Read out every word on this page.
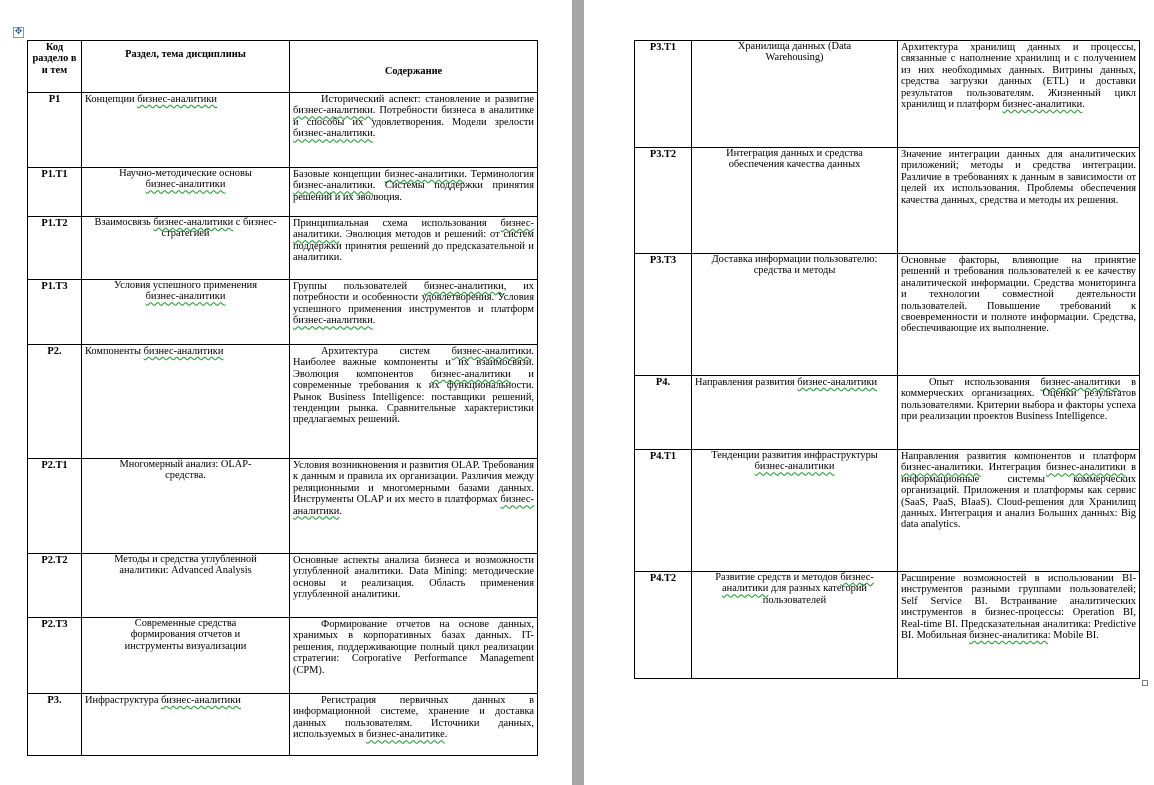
✥
Код раздело в и тем	Раздел, тема дисциплины	Содержание
Р1	Концепции бизнес-аналитики	Исторический аспект: становление и развитие бизнес-аналитики. Потребности бизнеса в аналитике и способы их удовлетворения. Модели зрелости бизнес-аналитики.
Р1.Т1	Научно-методические основы бизнес-аналитики	Базовые концепции бизнес-аналитики. Терминология бизнес-аналитики. Системы поддержки принятия решений и их эволюция.
Р1.Т2	Взаимосвязь бизнес-аналитики с бизнес-стратегией	Принципиальная схема использования бизнес-аналитики. Эволюция методов и решений: от систем поддержки принятия решений до предсказательной и аналитики.
Р1.Т3	Условия успешного применения бизнес-аналитики	Группы пользователей бизнес-аналитики, их потребности и особенности удовлетворения. Условия успешного применения инструментов и платформ бизнес-аналитики.
Р2.	Компоненты бизнес-аналитики	Архитектура систем бизнес-аналитики. Наиболее важные компоненты и их взаимосвязи. Эволюция компонентов бизнес-аналитики и современные требования к их функциональности. Рынок Business Intelligence: поставщики решений, тенденции рынка. Сравнительные характеристики предлагаемых решений.
Р2.Т1	Многомерный анализ: OLAP-средства.	Условия возникновения и развития OLAP. Требования к данным и правила их организации. Различия между реляционными и многомерными базами данных. Инструменты OLAP и их место в платформах бизнес-аналитики.
Р2.Т2	Методы и средства углубленной аналитики: Advanced Analysis	Основные аспекты анализа бизнеса и возможности углубленной аналитики. Data Mining: методические основы и реализация. Область применения углубленной аналитики.
Р2.Т3	Современные средства формирования отчетов и инструменты визуализации	Формирование отчетов на основе данных, хранимых в корпоративных базах данных. IT-решения, поддерживающие полный цикл реализации стратегии: Corporative Performance Management (CPM).
Р3.	Инфраструктура бизнес-аналитики	Регистрация первичных данных в информационной системе, хранение и доставка данных пользователям. Источники данных, используемых в бизнес-аналитике.
Р3.Т1	Хранилища данных (Data Warehousing)	Архитектура хранилищ данных и процессы, связанные с наполнение хранилищ и с получением из них необходимых данных. Витрины данных, средства загрузки данных (ETL) и доставки результатов пользователям. Жизненный цикл хранилищ и платформ бизнес-аналитики.
Р3.Т2	Интеграция данных и средства обеспечения качества данных	Значение интеграции данных для аналитических приложений; методы и средства интеграции. Различие в требованиях к данным в зависимости от целей их использования. Проблемы обеспечения качества данных, средства и методы их решения.
Р3.Т3	Доставка информации пользователю: средства и методы	Основные факторы, влияющие на принятие решений и требования пользователей к ее качеству аналитической информации. Средства мониторинга и технологии совместной деятельности пользователей. Повышение требований к своевременности и полноте информации. Средства, обеспечивающие их выполнение.
Р4.	Направления развития бизнес-аналитики	Опыт использования бизнес-аналитики в коммерческих организациях. Оценки результатов пользователями. Критерии выбора и факторы успеха при реализации проектов Business Intelligence.
Р4.Т1	Тенденции развития инфраструктуры бизнес-аналитики	Направления развития компонентов и платформ бизнес-аналитики. Интеграция бизнес-аналитики в информационные системы коммерческих организаций. Приложения и платформы как сервис (SaaS, PaaS, BIaaS). Cloud-решения для Хранилищ данных. Интеграция и анализ Больших данных: Big data analytics.
Р4.Т2	Развитие средств и методов бизнес-аналитики для разных категорий пользователей	Расширение возможностей в использовании BI-инструментов разными группами пользователей; Self Service BI. Встраивание аналитических инструментов в бизнес-процессы: Operation BI, Real-time BI. Предсказательная аналитика: Predictive BI. Мобильная бизнес-аналитика: Mobile BI.
